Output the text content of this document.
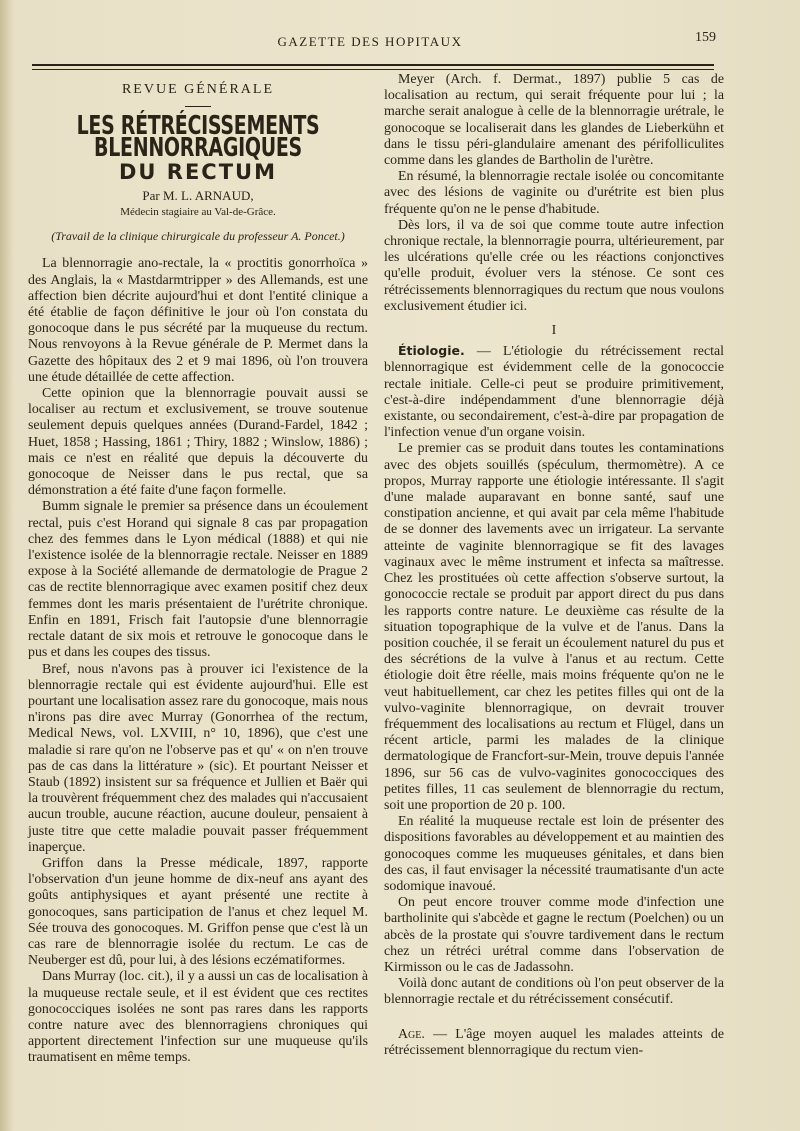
GAZETTE DES HOPITAUX	159
REVUE GÉNÉRALE
LES RÉTRÉCISSEMENTS BLENNORRAGIQUES
DU RECTUM
Par M. L. ARNAUD,
Médecin stagiaire au Val-de-Grâce.
(Travail de la clinique chirurgicale du professeur A. Poncet.)

La blennorragie ano-rectale, la « proctitis gonorrhoïca » des Anglais, la « Mastdarmtripper » des Allemands, est une affection bien décrite aujourd'hui et dont l'entité clinique a été établie de façon définitive le jour où l'on constata du gonocoque dans le pus sécrété par la muqueuse du rectum. Nous renvoyons à la Revue générale de P. Mermet dans la Gazette des hôpitaux des 2 et 9 mai 1896, où l'on trouvera une étude détaillée de cette affection.

Cette opinion que la blennorragie pouvait aussi se localiser au rectum et exclusivement, se trouve soutenue seulement depuis quelques années (Durand-Fardel, 1842 ; Huet, 1858 ; Hassing, 1861 ; Thiry, 1882 ; Winslow, 1886) ; mais ce n'est en réalité que depuis la découverte du gonocoque de Neisser dans le pus rectal, que sa démonstration a été faite d'une façon formelle.

Bumm signale le premier sa présence dans un écoulement rectal, puis c'est Horand qui signale 8 cas par propagation chez des femmes dans le Lyon médical (1888) et qui nie l'existence isolée de la blennorragie rectale. Neisser en 1889 expose à la Société allemande de dermatologie de Prague 2 cas de rectite blennorragique avec examen positif chez deux femmes dont les maris présentaient de l'urétrite chronique. Enfin en 1891, Frisch fait l'autopsie d'une blennorragie rectale datant de six mois et retrouve le gonocoque dans le pus et dans les coupes des tissus.

Bref, nous n'avons pas à prouver ici l'existence de la blennorragie rectale qui est évidente aujourd'hui. Elle est pourtant une localisation assez rare du gonocoque, mais nous n'irons pas dire avec Murray (Gonorrhea of the rectum, Medical News, vol. LXVIII, n° 10, 1896), que c'est une maladie si rare qu'on ne l'observe pas et qu' « on n'en trouve pas de cas dans la littérature » (sic). Et pourtant Neisser et Staub (1892) insistent sur sa fréquence et Jullien et Baër qui la trouvèrent fréquemment chez des malades qui n'accusaient aucun trouble, aucune réaction, aucune douleur, pensaient à juste titre que cette maladie pouvait passer fréquemment inaperçue.

Griffon dans la Presse médicale, 1897, rapporte l'observation d'un jeune homme de dix-neuf ans ayant des goûts antiphysiques et ayant présenté une rectite à gonocoques, sans participation de l'anus et chez lequel M. Sée trouva des gonocoques. M. Griffon pense que c'est là un cas rare de blennorragie isolée du rectum. Le cas de Neuberger est dû, pour lui, à des lésions eczématiformes.

Dans Murray (loc. cit.), il y a aussi un cas de localisation à la muqueuse rectale seule, et il est évident que ces rectites gonococciques isolées ne sont pas rares dans les rapports contre nature avec des blennorragiens chroniques qui apportent directement l'infection sur une muqueuse qu'ils traumatisent en même temps.

Meyer (Arch. f. Dermat., 1897) publie 5 cas de localisation au rectum, qui serait fréquente pour lui ; la marche serait analogue à celle de la blennorragie urétrale, le gonocoque se localiserait dans les glandes de Lieberkühn et dans le tissu péri-glandulaire amenant des périfolliculites comme dans les glandes de Bartholin de l'urètre.

En résumé, la blennorragie rectale isolée ou concomitante avec des lésions de vaginite ou d'urétrite est bien plus fréquente qu'on ne le pense d'habitude.

Dès lors, il va de soi que comme toute autre infection chronique rectale, la blennorragie pourra, ultérieurement, par les ulcérations qu'elle crée ou les réactions conjonctives qu'elle produit, évoluer vers la sténose. Ce sont ces rétrécissements blennorragiques du rectum que nous voulons exclusivement étudier ici.

I

Étiologie. — L'étiologie du rétrécissement rectal blennorragique est évidemment celle de la gonococcie rectale initiale. Celle-ci peut se produire primitivement, c'est-à-dire indépendamment d'une blennorragie déjà existante, ou secondairement, c'est-à-dire par propagation de l'infection venue d'un organe voisin.

Le premier cas se produit dans toutes les contaminations avec des objets souillés (spéculum, thermomètre). A ce propos, Murray rapporte une étiologie intéressante. Il s'agit d'une malade auparavant en bonne santé, sauf une constipation ancienne, et qui avait par cela même l'habitude de se donner des lavements avec un irrigateur. La servante atteinte de vaginite blennorragique se fit des lavages vaginaux avec le même instrument et infecta sa maîtresse. Chez les prostituées où cette affection s'observe surtout, la gonococcie rectale se produit par apport direct du pus dans les rapports contre nature. Le deuxième cas résulte de la situation topographique de la vulve et de l'anus. Dans la position couchée, il se ferait un écoulement naturel du pus et des sécrétions de la vulve à l'anus et au rectum. Cette étiologie doit être réelle, mais moins fréquente qu'on ne le veut habituellement, car chez les petites filles qui ont de la vulvo-vaginite blennorragique, on devrait trouver fréquemment des localisations au rectum et Flügel, dans un récent article, parmi les malades de la clinique dermatologique de Francfort-sur-Mein, trouve depuis l'année 1896, sur 56 cas de vulvo-vaginites gonococciques des petites filles, 11 cas seulement de blennorragie du rectum, soit une proportion de 20 p. 100.

En réalité la muqueuse rectale est loin de présenter des dispositions favorables au développement et au maintien des gonocoques comme les muqueuses génitales, et dans bien des cas, il faut envisager la nécessité traumatisante d'un acte sodomique inavoué.

On peut encore trouver comme mode d'infection une bartholinite qui s'abcède et gagne le rectum (Poelchen) ou un abcès de la prostate qui s'ouvre tardivement dans le rectum chez un rétréci urétral comme dans l'observation de Kirmisson ou le cas de Jadassohn.

Voilà donc autant de conditions où l'on peut observer de la blennorragie rectale et du rétrécissement consécutif.

Age. — L'âge moyen auquel les malades atteints de rétrécissement blennorragique du rectum vien-
